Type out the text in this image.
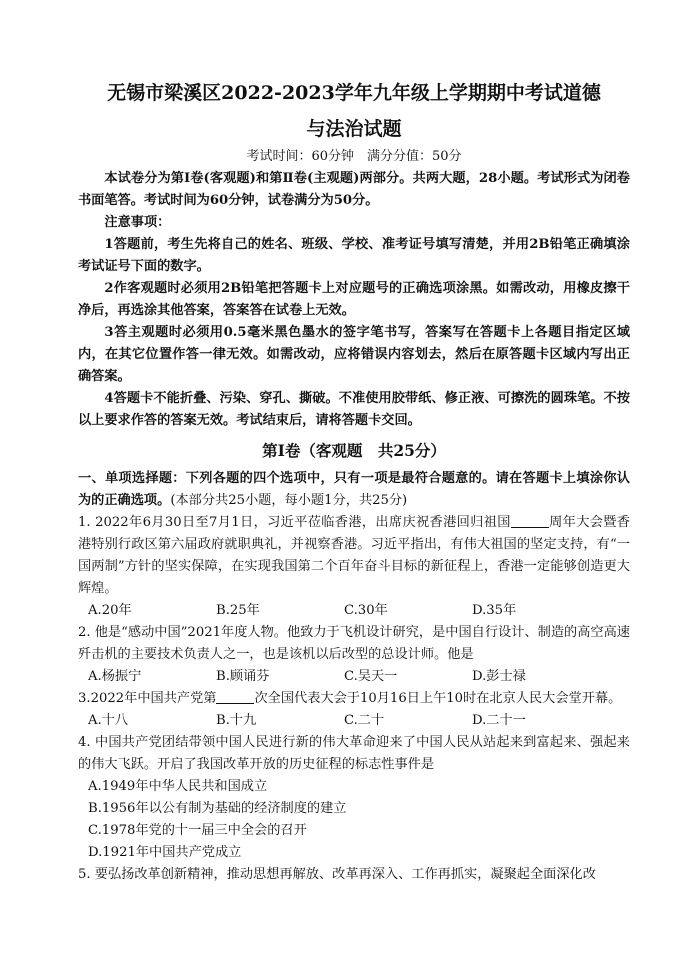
无锡市梁溪区2022-2023学年九年级上学期期中考试道德
与法治试题
考试时间：60分钟　满分分值：50分

本试卷分为第Ⅰ卷(客观题)和第Ⅱ卷(主观题)两部分。共两大题，28小题。考试形式为闭卷书面笔答。考试时间为60分钟，试卷满分为50分。

注意事项：

1答题前，考生先将自己的姓名、班级、学校、准考证号填写清楚，并用2B铅笔正确填涂考试证号下面的数字。

2作客观题时必须用2B铅笔把答题卡上对应题号的正确选项涂黑。如需改动，用橡皮擦干净后，再选涂其他答案，答案答在试卷上无效。

3答主观题时必须用0.5毫米黑色墨水的签字笔书写，答案写在答题卡上各题目指定区域内，在其它位置作答一律无效。如需改动，应将错误内容划去，然后在原答题卡区域内写出正确答案。

4答题卡不能折叠、污染、穿孔、撕破。不准使用胶带纸、修正液、可擦洗的圆珠笔。不按以上要求作答的答案无效。考试结束后，请将答题卡交回。

第Ⅰ卷（客观题　共25分）

一、单项选择题：下列各题的四个选项中，只有一项是最符合题意的。请在答题卡上填涂你认为的正确选项。(本部分共25小题，每小题1分，共25分)

1. 2022年6月30日至7月1日，习近平莅临香港，出席庆祝香港回归祖国	周年大会暨香港特别行政区第六届政府就职典礼，并视察香港。习近平指出，有伟大祖国的坚定支持，有“一国两制”方针的坚实保障，在实现我国第二个百年奋斗目标的新征程上，香港一定能够创造更大辉煌。

A.20年	B.25年	C.30年	D.35年

2. 他是“感动中国”2021年度人物。他致力于飞机设计研究，是中国自行设计、制造的高空高速歼击机的主要技术负责人之一，也是该机以后改型的总设计师。他是

A.杨振宁	B.顾诵芬	C.吴天一	D.彭士禄

3.2022年中国共产党第	次全国代表大会于10月16日上午10时在北京人民大会堂开幕。

A.十八	B.十九	C.二十	D.二十一

4. 中国共产党团结带领中国人民进行新的伟大革命迎来了中国人民从站起来到富起来、强起来的伟大飞跃。开启了我国改革开放的历史征程的标志性事件是

A.1949年中华人民共和国成立

B.1956年以公有制为基础的经济制度的建立

C.1978年党的十一届三中全会的召开

D.1921年中国共产党成立

5. 要弘扬改革创新精神，推动思想再解放、改革再深入、工作再抓实，凝聚起全面深化改
